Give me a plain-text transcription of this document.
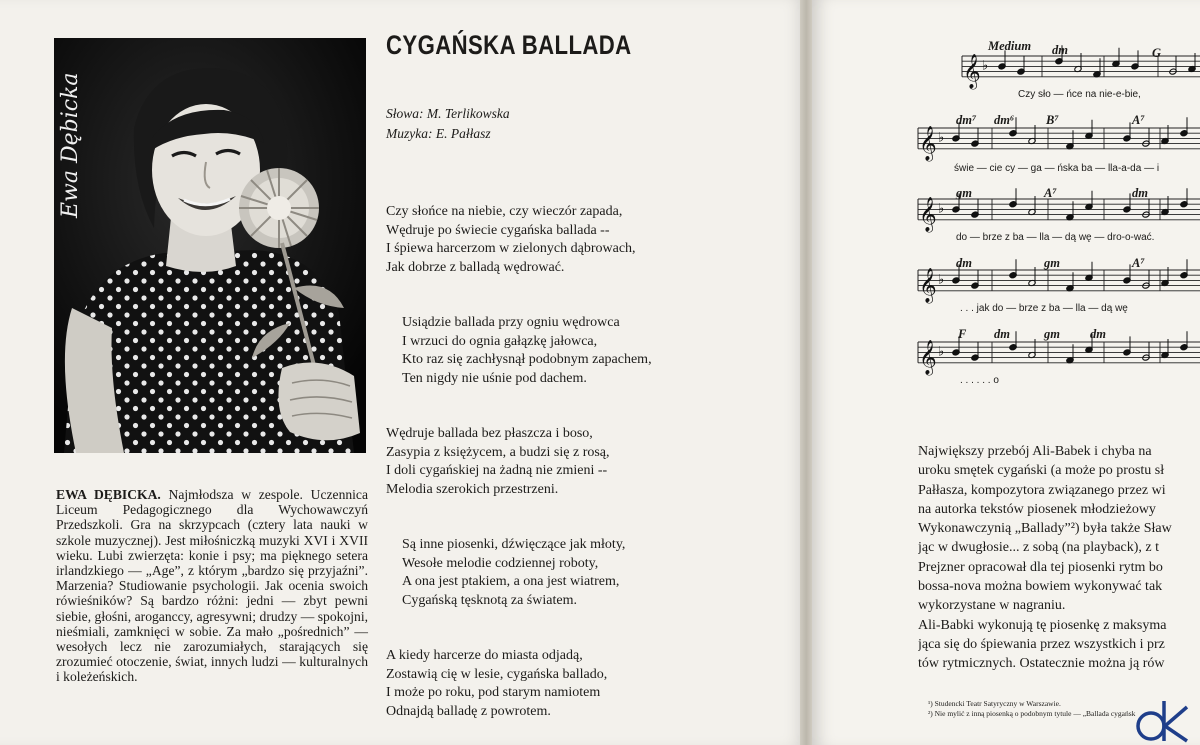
Ewa Dębicka
CYGAŃSKA BALLADA
Słowa: M. Terlikowska
Muzyka: E. Pałłasz
Czy słońce na niebie, czy wieczór zapada,
Wędruje po świecie cygańska ballada --
I śpiewa harcerzom w zielonych dąbrowach,
Jak dobrze z balladą wędrować.
Usiądzie ballada przy ogniu wędrowca
I wrzuci do ognia gałązkę jałowca,
Kto raz się zachłysnął podobnym zapachem,
Ten nigdy nie uśnie pod dachem.
Wędruje ballada bez płaszcza i boso,
Zasypia z księżycem, a budzi się z rosą,
I doli cygańskiej na żadną nie zmieni --
Melodia szerokich przestrzeni.
Są inne piosenki, dźwięczące jak młoty,
Wesołe melodie codziennej roboty,
A ona jest ptakiem, a ona jest wiatrem,
Cygańską tęsknotą za światem.
A kiedy harcerze do miasta odjadą,
Zostawią cię w lesie, cygańska ballado,
I może po roku, pod starym namiotem
Odnajdą balladę z powrotem.
EWA DĘBICKA. Najmłodsza w zespole. Uczennica Liceum Pedagogicznego dla Wychowawczyń Przedszkoli. Gra na skrzypcach (cztery lata nauki w szkole muzycznej). Jest miłośniczką muzyki XVI i XVII wieku. Lubi zwierzęta: konie i psy; ma pięknego setera irlandzkiego — „Age”, z którym „bardzo się przyjaźni”. Marzenia? Studiowanie psychologii. Jak ocenia swoich rówieśników? Są bardzo różni: jedni — zbyt pewni siebie, głośni, aroganccy, agresywni; drudzy — spokojni, nieśmiali, zamknięci w sobie. Za mało „pośrednich” — wesołych lecz nie zarozumiałych, starających się zrozumieć otoczenie, świat, innych ludzi — kulturalnych i koleżeńskich.
Medium
𝄞 ♭
𝄞 ♭
𝄞 ♭
𝄞 ♭
𝄞 ♭
dm	G
dm⁷ dm⁶	B⁷	A⁷
gm	A⁷	dm
dm	gm	A⁷
F dm	gm dm
Czy sło — ńce na nie-e-bie,
świe — cie cy — ga — ńska ba — lla-a-da — i
do — brze z ba — lla — dą wę — dro-o-wać.
. . . jak do — brze z ba — lla — dą wę
. . . . . . o
Największy przebój Ali-Babek i chyba na
uroku smętek cygański (a może po prostu sł
Pałłasza, kompozytora związanego przez wi
na autorka tekstów piosenek młodzieżowy
Wykonawczynią „Ballady”²) była także Sław
jąc w dwugłosie... z sobą (na playback), z t
Prejzner opracował dla tej piosenki rytm bo
bossa-nova można bowiem wykonywać tak
wykorzystane w nagraniu.
Ali-Babki wykonują tę piosenkę z maksyma
jąca się do śpiewania przez wszystkich i prz
tów rytmicznych. Ostatecznie można ją rów
¹) Studencki Teatr Satyryczny w Warszawie.
²) Nie mylić z inną piosenką o podobnym tytule — „Ballada cygańsk
